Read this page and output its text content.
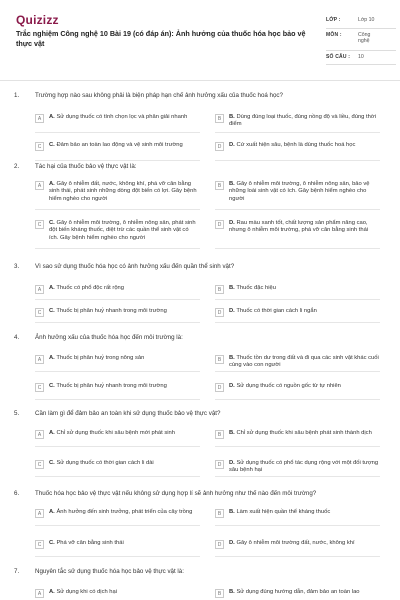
Quizizz
Trắc nghiệm Công nghệ 10 Bài 19 (có đáp án): Ảnh hưởng của thuốc hóa học bảo vệ thực vật
LỚP :	Lớp 10
MÔN :	Công nghệ
SỐ CÂU :	10
1.	Trường hợp nào sau không phải là biện pháp hạn chế ảnh hưởng xấu của thuốc hoá học?
A	A. Sử dụng thuốc có tính chọn lọc và phân giải nhanh	B	B. Dùng đúng loại thuốc, đúng nồng độ và liều, đúng thời điểm
C	C. Đảm bảo an toàn lao động và vệ sinh môi trường	D	D. Cứ xuất hiện sâu, bệnh là dùng thuốc hoá học
2.	Tác hại của thuốc bảo vệ thực vật là:
A	A. Gây ô nhiễm đất, nước, không khí, phá vỡ cân bằng sinh thái, phát sinh những dòng đột biến có lợi. Gây bệnh hiểm nghèo cho người
B	B. Gây ô nhiễm môi trường, ô nhiễm nông sản, bảo vệ những loài sinh vật có ích. Gây bệnh hiểm nghèo cho người
C	C. Gây ô nhiễm môi trường, ô nhiễm nông sản, phát sinh đột biến kháng thuốc, diệt trừ các quần thể sinh vật có ích. Gây bệnh hiểm nghèo cho người
D	D. Rau màu xanh tốt, chất lượng sản phẩm nâng cao, nhưng ô nhiễm môi trường, phá vỡ cân bằng sinh thái
3.	Vì sao sử dụng thuốc hóa học có ảnh hưởng xấu đến quần thể sinh vật?
A	A. Thuốc có phổ độc rất rộng	B	B. Thuốc đặc hiệu
C	C. Thuốc bị phân huỷ nhanh trong môi trường	D	D. Thuốc có thời gian cách li ngắn
4.	Ảnh hưởng xấu của thuốc hóa học đến môi trường là:
A	A. Thuốc bị phân huỷ trong nông sản	B	B. Thuốc tồn dư trong đất và đi qua các sinh vật khác cuối cùng vào con người
C	C. Thuốc bị phân huỷ nhanh trong môi trường	D	D. Sử dụng thuốc có nguồn gốc từ tự nhiên
5.	Cần làm gì để đảm bảo an toàn khi sử dụng thuốc bảo vệ thực vật?
A	A. Chỉ sử dụng thuốc khi sâu bệnh mới phát sinh	B	B. Chỉ sử dụng thuốc khi sâu bệnh phát sinh thành dịch
C	C. Sử dụng thuốc có thời gian cách li dài	D	D. Sử dụng thuốc có phổ tác dụng rộng với một đối tượng sâu bệnh hại
6.	Thuốc hóa học bảo vệ thực vật nếu không sử dụng hợp lí sẽ ảnh hưởng như thế nào đến môi trường?
A	A. Ảnh hưởng đến sinh trưởng, phát triển của cây trồng	B	B. Làm xuất hiện quần thể kháng thuốc
C	C. Phá vỡ cân bằng sinh thái	D	D. Gây ô nhiễm môi trường đất, nước, không khí
7.	Nguyên tắc sử dụng thuốc hóa học bảo vệ thực vật là:
A	A. Sử dụng khi có dịch hại	B	B. Sử dụng đúng hướng dẫn, đảm bảo an toàn lao
